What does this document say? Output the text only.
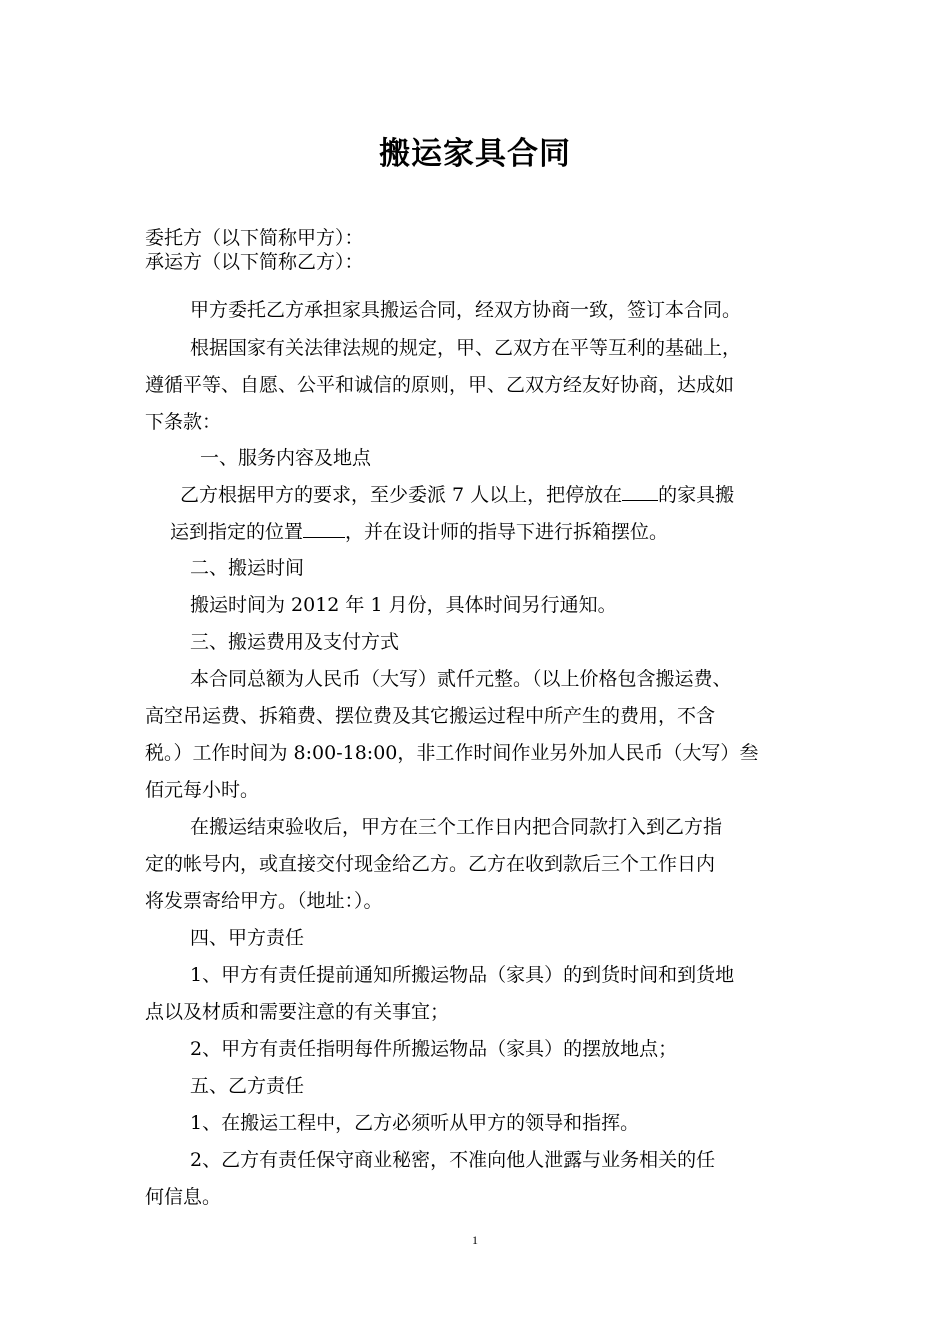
搬运家具合同
委托方（以下简称甲方）：
承运方（以下简称乙方）：
甲方委托乙方承担家具搬运合同，经双方协商一致，签订本合同。
根据国家有关法律法规的规定，甲、乙双方在平等互利的基础上，
遵循平等、自愿、公平和诚信的原则，甲、乙双方经友好协商，达成如
下条款：
一、服务内容及地点
乙方根据甲方的要求，至少委派 7 人以上，把停放在 的家具搬
运到指定的位置 ，并在设计师的指导下进行拆箱摆位。
二、搬运时间
搬运时间为 2012 年 1 月份，具体时间另行通知。
三、搬运费用及支付方式
本合同总额为人民币（大写）贰仟元整。（以上价格包含搬运费、
高空吊运费、拆箱费、摆位费及其它搬运过程中所产生的费用，不含
税。）工作时间为 8:00-18:00，非工作时间作业另外加人民币（大写）叁
佰元每小时。
在搬运结束验收后，甲方在三个工作日内把合同款打入到乙方指
定的帐号内，或直接交付现金给乙方。乙方在收到款后三个工作日内
将发票寄给甲方。（地址：）。
四、甲方责任
1、甲方有责任提前通知所搬运物品（家具）的到货时间和到货地
点以及材质和需要注意的有关事宜；
2、甲方有责任指明每件所搬运物品（家具）的摆放地点；
五、乙方责任
1、在搬运工程中，乙方必须听从甲方的领导和指挥。
2、乙方有责任保守商业秘密，不准向他人泄露与业务相关的任
何信息。
1
